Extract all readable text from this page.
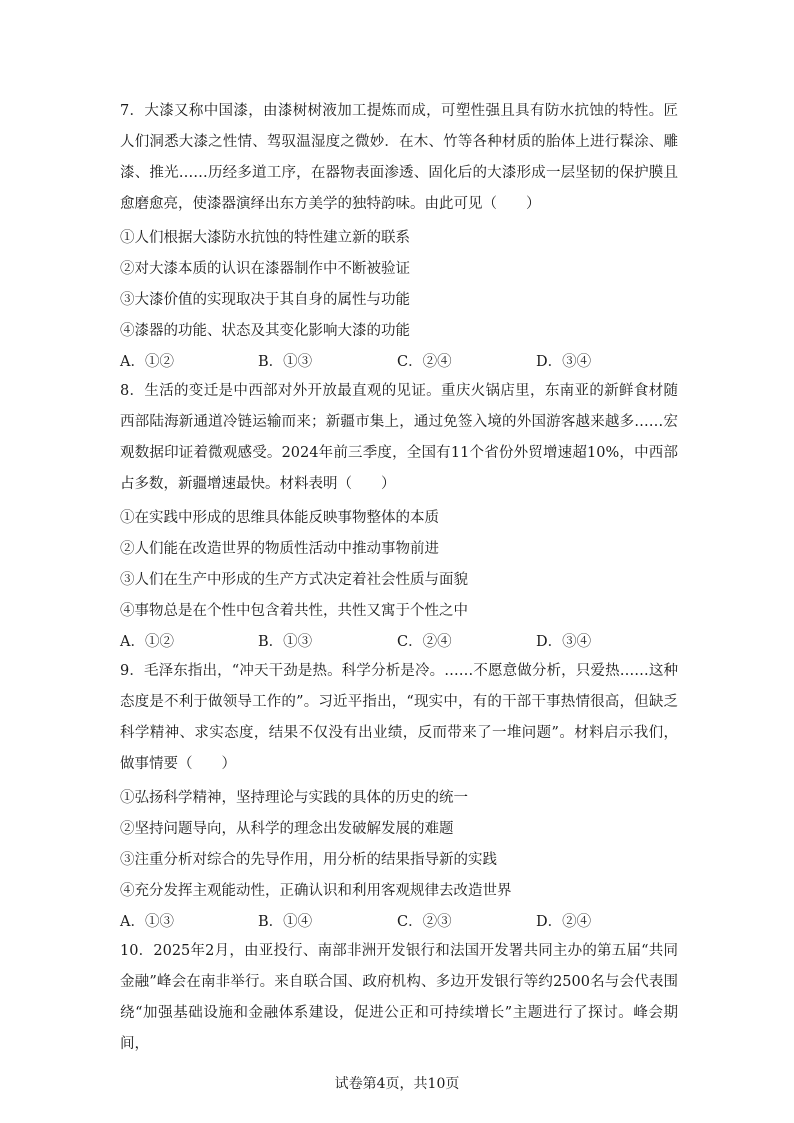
7．大漆又称中国漆，由漆树树液加工提炼而成，可塑性强且具有防水抗蚀的特性。匠人们洞悉大漆之性情、驾驭温湿度之微妙．在木、竹等各种材质的胎体上进行髹涂、雕漆、推光……历经多道工序，在器物表面渗透、固化后的大漆形成一层坚韧的保护膜且愈磨愈亮，使漆器演绎出东方美学的独特韵味。由此可见（　　）
①人们根据大漆防水抗蚀的特性建立新的联系
②对大漆本质的认识在漆器制作中不断被验证
③大漆价值的实现取决于其自身的属性与功能
④漆器的功能、状态及其变化影响大漆的功能
A．①②	B．①③	C．②④	D．③④
8．生活的变迁是中西部对外开放最直观的见证。重庆火锅店里，东南亚的新鲜食材随西部陆海新通道冷链运输而来；新疆市集上，通过免签入境的外国游客越来越多……宏观数据印证着微观感受。2024年前三季度，全国有11个省份外贸增速超10%，中西部占多数，新疆增速最快。材料表明（　　）
①在实践中形成的思维具体能反映事物整体的本质
②人们能在改造世界的物质性活动中推动事物前进
③人们在生产中形成的生产方式决定着社会性质与面貌
④事物总是在个性中包含着共性，共性又寓于个性之中
A．①②	B．①③	C．②④	D．③④
9．毛泽东指出，“冲天干劲是热。科学分析是冷。……不愿意做分析，只爱热……这种态度是不利于做领导工作的”。习近平指出，“现实中，有的干部干事热情很高，但缺乏科学精神、求实态度，结果不仅没有出业绩，反而带来了一堆问题”。材料启示我们，做事情要（　　）
①弘扬科学精神，坚持理论与实践的具体的历史的统一
②坚持问题导向，从科学的理念出发破解发展的难题
③注重分析对综合的先导作用，用分析的结果指导新的实践
④充分发挥主观能动性，正确认识和利用客观规律去改造世界
A．①③	B．①④	C．②③	D．②④
10．2025年2月，由亚投行、南部非洲开发银行和法国开发署共同主办的第五届“共同金融”峰会在南非举行。来自联合国、政府机构、多边开发银行等约2500名与会代表围绕“加强基础设施和金融体系建设，促进公正和可持续增长”主题进行了探讨。峰会期间，
试卷第4页，共10页
